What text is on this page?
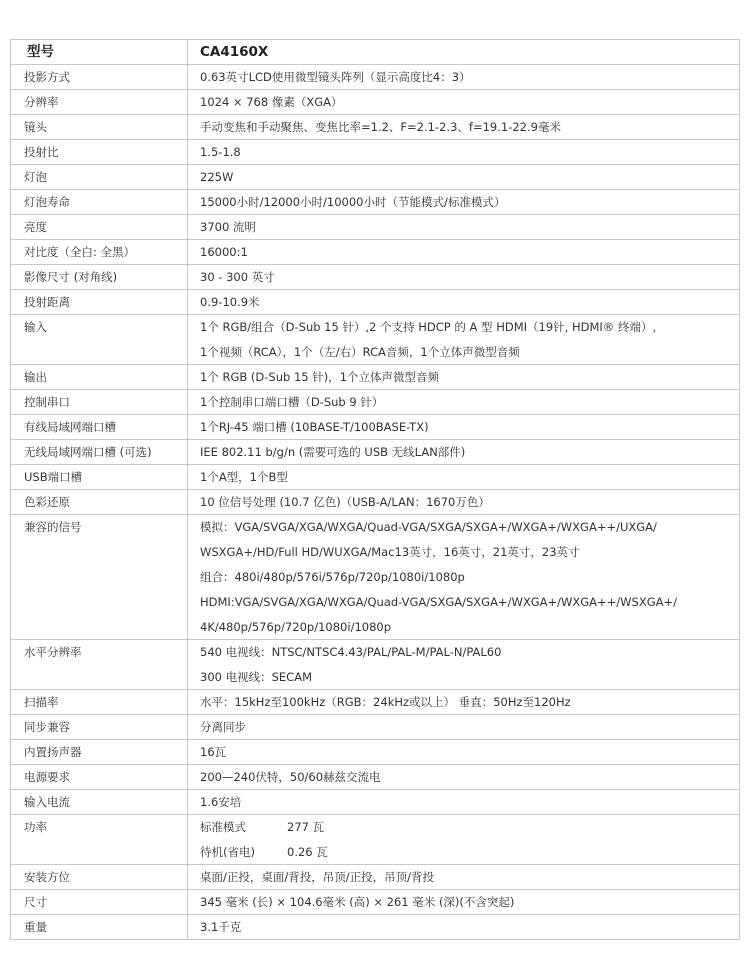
型号	CA4160X
投影方式	0.63英寸LCD使用微型镜头阵列（显示高度比4：3）

分辨率	1024 × 768 像素（XGA）

镜头	手动变焦和手动聚焦、变焦比率=1.2、F=2.1-2.3、f=19.1-22.9毫米

投射比	1.5-1.8

灯泡	225W

灯泡寿命	15000小时/12000小时/10000小时（节能模式/标准模式）

亮度	3700 流明

对比度（全白: 全黑）	16000:1

影像尺寸 (对角线)	30 - 300 英寸

投射距离	0.9-10.9米

输入	1个 RGB/组合（D-Sub 15 针）,2 个支持 HDCP 的 A 型 HDMI（19针, HDMI® 终端）,
1个视频（RCA），1个（左/右）RCA音频，1个立体声微型音频

输出	1个 RGB (D-Sub 15 针)，1个立体声微型音频

控制串口	1个控制串口端口槽（D-Sub 9 针）

有线局域网端口槽	1个RJ-45 端口槽 (10BASE-T/100BASE-TX)

无线局域网端口槽 (可选)	IEE 802.11 b/g/n (需要可选的 USB 无线LAN部件)

USB端口槽	1个A型，1个B型

色彩还原	10 位信号处理 (10.7 亿色)（USB-A/LAN：1670万色）

兼容的信号	模拟：VGA/SVGA/XGA/WXGA/Quad-VGA/SXGA/SXGA+/WXGA+/WXGA++/UXGA/
WSXGA+/HD/Full HD/WUXGA/Mac13英寸，16英寸，21英寸，23英寸
组合：480i/480p/576i/576p/720p/1080i/1080p
HDMI:VGA/SVGA/XGA/WXGA/Quad-VGA/SXGA/SXGA+/WXGA+/WXGA++/WSXGA+/
4K/480p/576p/720p/1080i/1080p

水平分辨率	540 电视线：NTSC/NTSC4.43/PAL/PAL-M/PAL-N/PAL60
300 电视线：SECAM

扫描率	水平：15kHz至100kHz（RGB：24kHz或以上） 垂直：50Hz至120Hz

同步兼容	分离同步

内置扬声器	16瓦

电源要求	200—240伏特，50/60赫兹交流电

输入电流	1.6安培

功率	标准模式 277 瓦
待机(省电) 0.26 瓦

安装方位	桌面/正投，桌面/背投，吊顶/正投，吊顶/背投

尺寸	345 毫米 (长) × 104.6毫米 (高) × 261 毫米 (深)(不含突起)

重量	3.1千克
